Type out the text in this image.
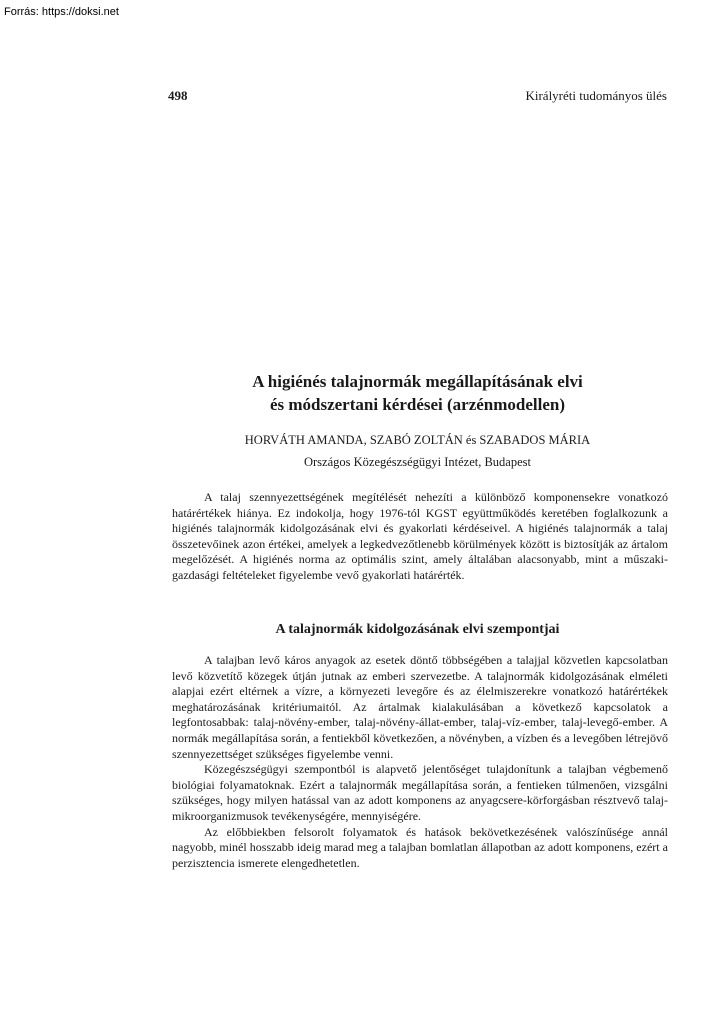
Forrás: https://doksi.net
498	Királyréti tudományos ülés
A higiénés talajnormák megállapításának elvi
és módszertani kérdései (arzénmodellen)
HORVÁTH AMANDA, SZABÓ ZOLTÁN és SZABADOS MÁRIA
Országos Közegészségügyi Intézet, Budapest

A talaj szennyezettségének megítélését nehezíti a különböző komponensekre vonatkozó határértékek hiánya. Ez indokolja, hogy 1976-tól KGST együttműködés keretében foglalkozunk a higiénés talajnormák kidolgozásának elvi és gyakorlati kérdéseivel. A higiénés talajnormák a talaj összetevőinek azon értékei, amelyek a legkedvezőtlenebb körülmények között is biztosítják az ártalom megelőzését. A higiénés norma az optimális szint, amely általában alacsonyabb, mint a műszaki-gazdasági feltételeket figyelembe vevő gyakorlati határérték.

A talajnormák kidolgozásának elvi szempontjai

A talajban levő káros anyagok az esetek döntő többségében a talajjal közvetlen kapcsolatban levő közvetítő közegek útján jutnak az emberi szervezetbe. A talajnormák kidolgozásának elméleti alapjai ezért eltérnek a vízre, a környezeti levegőre és az élelmiszerekre vonatkozó határértékek meghatározásának kritériumaitól. Az ártalmak kialakulásában a következő kapcsolatok a legfontosabbak: talaj-növény-ember, talaj-növény-állat-ember, talaj-víz-ember, talaj-levegő-ember. A normák megállapítása során, a fentiekből következően, a növényben, a vízben és a levegőben létrejövő szennyezettséget szükséges figyelembe venni.

Közegészségügyi szempontból is alapvető jelentőséget tulajdonítunk a talajban végbemenő biológiai folyamatoknak. Ezért a talajnormák megállapítása során, a fentieken túlmenően, vizsgálni szükséges, hogy milyen hatással van az adott komponens az anyagcsere-körforgásban résztvevő talaj-mikroorganizmusok tevékenységére, mennyiségére.

Az előbbiekben felsorolt folyamatok és hatások bekövetkezésének valószínűsége annál nagyobb, minél hosszabb ideig marad meg a talajban bomlatlan állapotban az adott komponens, ezért a perzisztencia ismerete elengedhetetlen.
